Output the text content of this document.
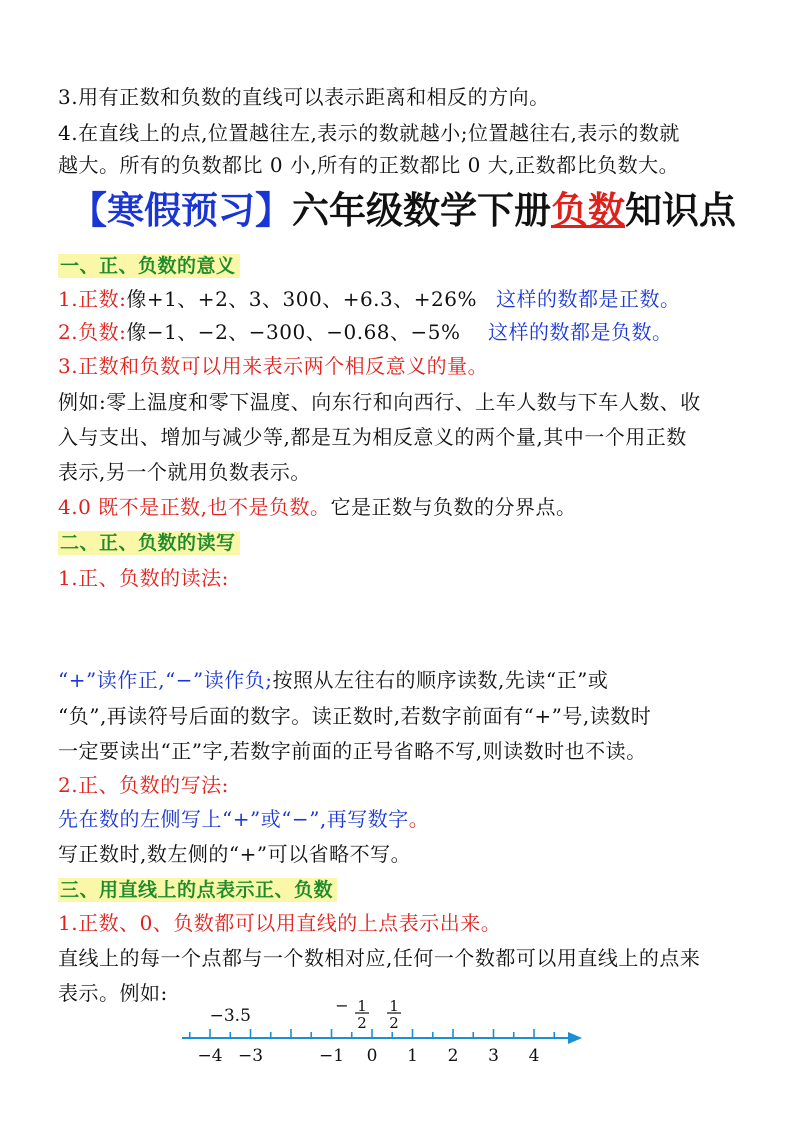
3.用有正数和负数的直线可以表示距离和相反的方向。
4.在直线上的点,位置越往左,表示的数就越小;位置越往右,表示的数就
越大。所有的负数都比 0 小,所有的正数都比 0 大,正数都比负数大。
【寒假预习】六年级数学下册负数知识点
一、正、负数的意义
1.正数:像+1、+2、3、300、+6.3、+26% 这样的数都是正数。
2.负数:像−1、−2、−300、−0.68、−5% 这样的数都是负数。
3.正数和负数可以用来表示两个相反意义的量。
例如:零上温度和零下温度、向东行和向西行、上车人数与下车人数、收
入与支出、增加与减少等,都是互为相反意义的两个量,其中一个用正数
表示,另一个就用负数表示。
4.0 既不是正数,也不是负数。它是正数与负数的分界点。
二、正、负数的读写
1.正、负数的读法:
“+”读作正,“−”读作负;按照从左往右的顺序读数,先读“正”或
“负”,再读符号后面的数字。读正数时,若数字前面有“+”号,读数时
一定要读出“正”字,若数字前面的正号省略不写,则读数时也不读。
2.正、负数的写法:
先在数的左侧写上“+”或“−”,再写数字。
写正数时,数左侧的“+”可以省略不写。
三、用直线上的点表示正、负数
1.正数、0、负数都可以用直线的上点表示出来。
直线上的每一个点都与一个数相对应,任何一个数都可以用直线上的点来
表示。例如:
−4 −3	−1 0 1 2 3 4
−3.5
− 1
2
1
2
